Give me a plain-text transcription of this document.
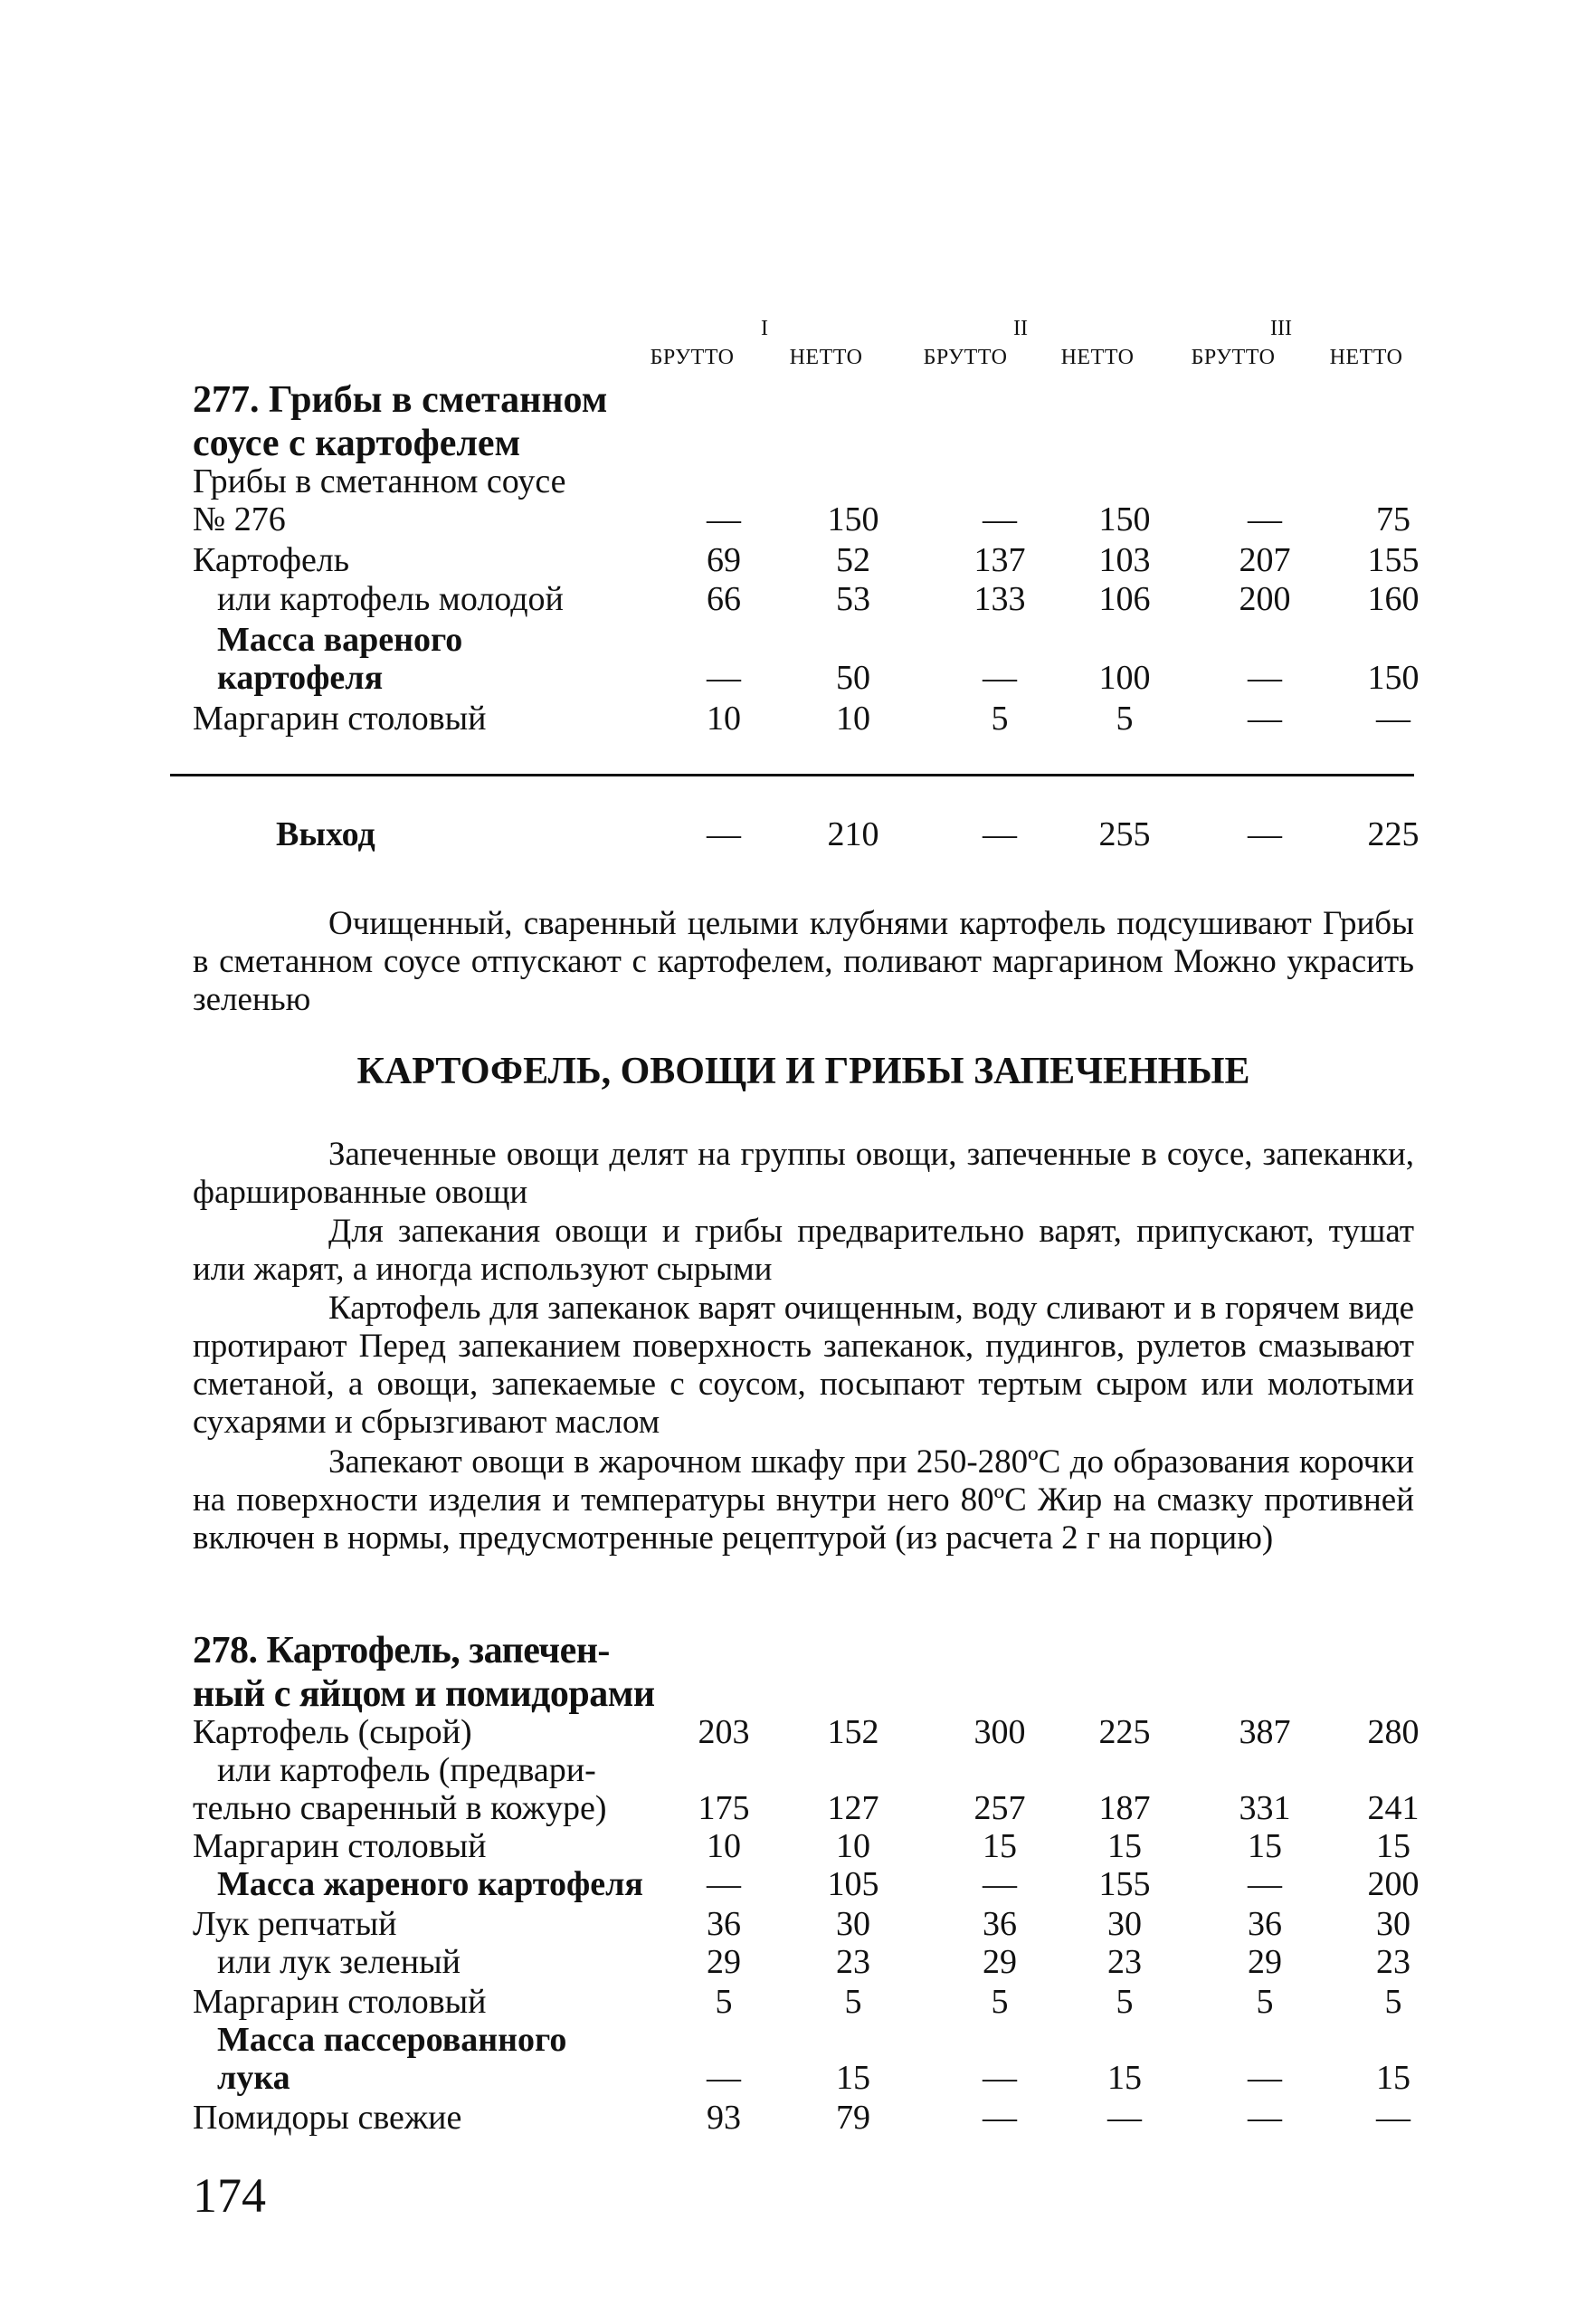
I	II	III
БРУТТО	НЕТТО	БРУТТО	НЕТТО	БРУТТО	НЕТТО
277. Грибы в сметанном
соусе с картофелем
Грибы в сметанном соусе
№ 276	—	150	—	150	—	75
Картофель	69	52	137	103	207	155
или картофель молодой	66	53	133	106	200	160
Масса вареного
картофеля	—	50	—	100	—	150
Маргарин столовый	10	10	5	5	—	—
Выход	—	210	—	255	—	225
Очищенный, сваренный целыми клубнями картофель подсушивают Грибы в сметанном соусе отпускают с картофелем, поливают маргарином Можно украсить зеленью
КАРТОФЕЛЬ, ОВОЩИ И ГРИБЫ ЗАПЕЧЕННЫЕ
Запеченные овощи делят на группы овощи, запеченные в соусе, запеканки, фаршированные овощи
Для запекания овощи и грибы предварительно варят, припускают, тушат или жарят, а иногда используют сырыми
Картофель для запеканок варят очищенным, воду сливают и в горячем виде протирают Перед запеканием поверхность запеканок, пудингов, рулетов смазывают сметаной, а овощи, запекаемые с соусом, посыпают тертым сыром или молотыми сухарями и сбрызгивают маслом
Запекают овощи в жарочном шкафу при 250-280ºС до образования корочки на поверхности изделия и температуры внутри него 80ºС Жир на смазку противней включен в нормы, предусмотренные рецептурой (из расчета 2 г на порцию)
278. Картофель, запечен-
ный с яйцом и помидорами
Картофель (сырой)	203	152	300	225	387	280
или картофель (предвари-
тельно сваренный в кожуре)	175	127	257	187	331	241
Маргарин столовый	10	10	15	15	15	15
Масса жареного картофеля	—	105	—	155	—	200
Лук репчатый	36	30	36	30	36	30
или лук зеленый	29	23	29	23	29	23
Маргарин столовый	5	5	5	5	5	5
Масса пассерованного
лука	—	15	—	15	—	15
Помидоры свежие	93	79	—	—	—	—
174
